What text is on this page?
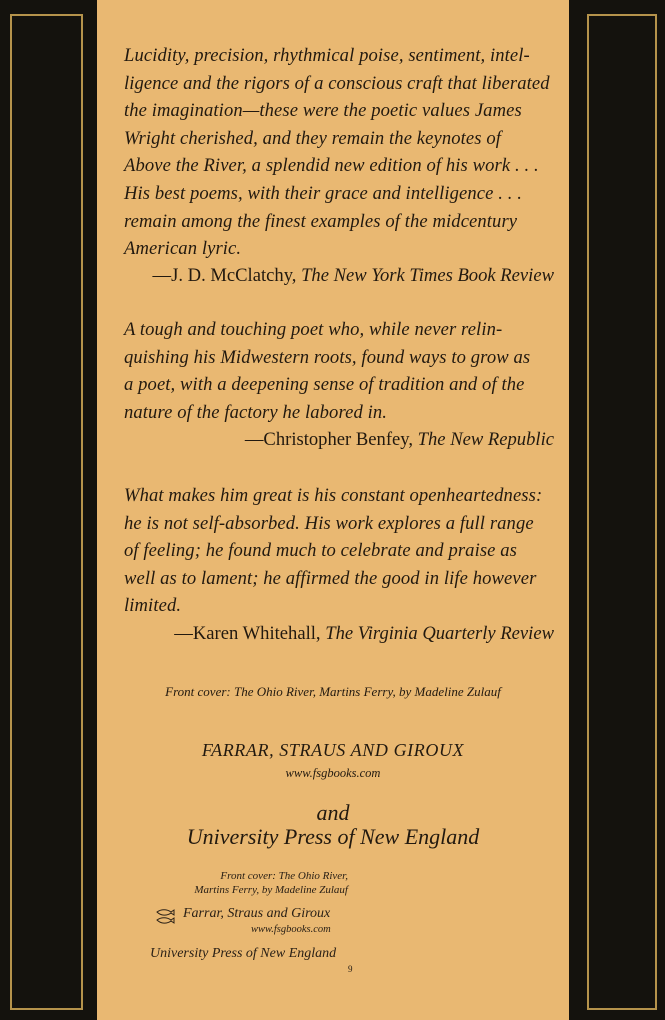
Lucidity, precision, rhythmical poise, sentiment, intel-
ligence and the rigors of a conscious craft that liberated
the imagination—these were the poetic values James
Wright cherished, and they remain the keynotes of
Above the River, a splendid new edition of his work . . .
His best poems, with their grace and intelligence . . .
remain among the finest examples of the midcentury
American lyric.
—J. D. McClatchy, The New York Times Book Review
A tough and touching poet who, while never relin-
quishing his Midwestern roots, found ways to grow as
a poet, with a deepening sense of tradition and of the
nature of the factory he labored in.
—Christopher Benfey, The New Republic
What makes him great is his constant openheartedness:
he is not self-absorbed. His work explores a full range
of feeling; he found much to celebrate and praise as
well as to lament; he affirmed the good in life however
limited.
—Karen Whitehall, The Virginia Quarterly Review
Front cover: The Ohio River, Martins Ferry, by Madeline Zulauf
FARRAR, STRAUS AND GIROUX
www.fsgbooks.com
and
University Press of New England
Front cover: The Ohio River,
Martins Ferry, by Madeline Zulauf
Farrar, Straus and Giroux
www.fsgbooks.com
University Press of New England
9
